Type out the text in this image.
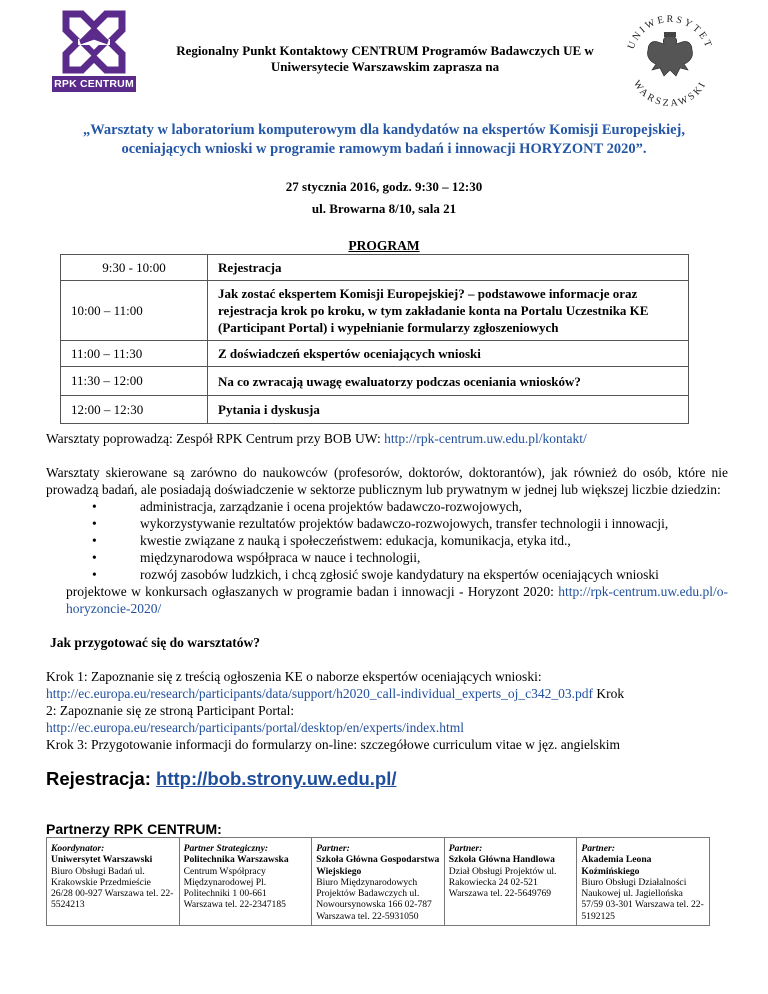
RPK CENTRUM
UNIWERSYTET
WARSZAWSKI
Regionalny Punkt Kontaktowy CENTRUM Programów Badawczych UE w
Uniwersytecie Warszawskim zaprasza na
„Warsztaty w laboratorium komputerowym dla kandydatów na ekspertów Komisji Europejskiej,
oceniających wnioski w programie ramowym badań i innowacji HORYZONT 2020”.
27 stycznia 2016, godz. 9:30 – 12:30
ul. Browarna 8/10, sala 21
PROGRAM
9:30 - 10:00	Rejestracja
10:00 – 11:00	Jak zostać ekspertem Komisji Europejskiej? – podstawowe informacje oraz rejestracja krok po kroku, w tym zakładanie konta na Portalu Uczestnika KE (Participant Portal) i wypełnianie formularzy zgłoszeniowych
11:00 – 11:30	Z doświadczeń ekspertów oceniających wnioski
11:30 – 12:00	Na co zwracają uwagę ewaluatorzy podczas oceniania wniosków?
12:00 – 12:30	Pytania i dyskusja
Warsztaty poprowadzą: Zespół RPK Centrum przy BOB UW: http://rpk-centrum.uw.edu.pl/kontakt/
Warsztaty skierowane są zarówno do naukowców (profesorów, doktorów, doktorantów), jak również do osób, które nie prowadzą badań, ale posiadają doświadczenie w sektorze publicznym lub prywatnym w jednej lub większej liczbie dziedzin:
•	administracja, zarządzanie i ocena projektów badawczo-rozwojowych,
•	wykorzystywanie rezultatów projektów badawczo-rozwojowych, transfer technologii i innowacji,
•	kwestie związane z nauką i społeczeństwem: edukacja, komunikacja, etyka itd.,
•	międzynarodowa współpraca w nauce i technologii,
•	rozwój zasobów ludzkich, i chcą zgłosić swoje kandydatury na ekspertów oceniających wnioski
projektowe w konkursach ogłaszanych w programie badan i innowacji - Horyzont 2020: http://rpk-centrum.uw.edu.pl/o-horyzoncie-2020/
Jak przygotować się do warsztatów?
Krok 1: Zapoznanie się z treścią ogłoszenia KE o naborze ekspertów oceniających wnioski:
http://ec.europa.eu/research/participants/data/support/h2020_call-individual_experts_oj_c342_03.pdf Krok
2: Zapoznanie się ze stroną Participant Portal:
http://ec.europa.eu/research/participants/portal/desktop/en/experts/index.html
Krok 3: Przygotowanie informacji do formularzy on-line: szczegółowe curriculum vitae w jęz. angielskim
Rejestracja: http://bob.strony.uw.edu.pl/
Partnerzy RPK CENTRUM:
Koordynator:
Uniwersytet Warszawski
Biuro Obsługi Badań ul. Krakowskie Przedmieście 26/28 00-927 Warszawa tel. 22-5524213

Partner Strategiczny:
Politechnika Warszawska
Centrum Współpracy Międzynarodowej Pl. Politechniki 1 00-661 Warszawa tel. 22-2347185

Partner:
Szkoła Główna Gospodarstwa Wiejskiego
Biuro Międzynarodowych Projektów Badawczych ul. Nowoursynowska 166 02-787 Warszawa tel. 22-5931050

Partner:
Szkoła Główna Handlowa
Dział Obsługi Projektów ul. Rakowiecka 24 02-521 Warszawa tel. 22-5649769

Partner:
Akademia Leona Koźmińskiego
Biuro Obsługi Działalności Naukowej ul. Jagiellońska 57/59 03-301 Warszawa tel. 22-5192125
